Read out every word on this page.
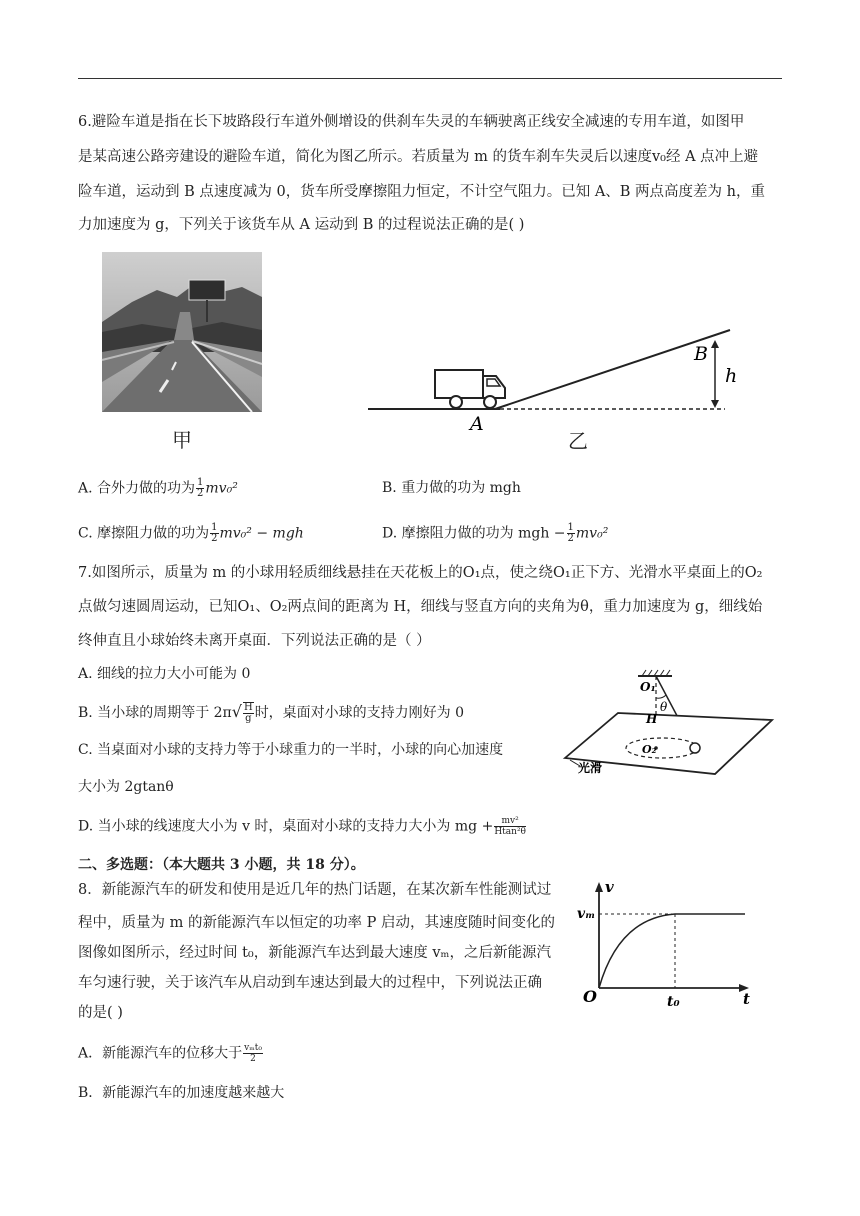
6.避险车道是指在长下坡路段行车道外侧增设的供刹车失灵的车辆驶离正线安全减速的专用车道，如图甲
是某高速公路旁建设的避险车道，简化为图乙所示。若质量为 m 的货车刹车失灵后以速度v₀经 A 点冲上避
险车道，运动到 B 点速度减为 0，货车所受摩擦阻力恒定，不计空气阻力。已知 A、B 两点高度差为 h，重
力加速度为 g，下列关于该货车从 A 运动到 B 的过程说法正确的是( )
甲
B
h
A
乙
A. 合外力做的功为 $\frac{1}{2} mv_0^2$	B. 重力做的功为 mgh
C. 摩擦阻力做的功为 $\frac{1}{2} mv_0^2$ − mgh	D. 摩擦阻力做的功为 mgh − $\frac{1}{2} mv_0^2$
7.如图所示，质量为 m 的小球用轻质细线悬挂在天花板上的O₁点，使之绕O₁正下方、光滑水平桌面上的O₂
点做匀速圆周运动，已知O₁、O₂两点间的距离为 H，细线与竖直方向的夹角为θ，重力加速度为 g，细线始
终伸直且小球始终未离开桌面．下列说法正确的是（ ）
A. 细线的拉力大小可能为 0
B. 当小球的周期等于 $2\pi√ \frac{H}{g}$ 时，桌面对小球的支持力刚好为 0
C. 当桌面对小球的支持力等于小球重力的一半时，小球的向心加速度
大小为 2gtanθ
D. 当小球的线速度大小为 v 时，桌面对小球的支持力大小为 mg + $\frac{\text{mv²}}{\text{Htan²θ}}$
O₁
θ
H
O₂
光滑
二、多选题：（本大题共 3 小题，共 18 分）。
8．新能源汽车的研发和使用是近几年的热门话题，在某次新车性能测试过
程中，质量为 m 的新能源汽车以恒定的功率 P 启动，其速度随时间变化的
图像如图所示，经过时间 t₀，新能源汽车达到最大速度 vₘ，之后新能源汽
车匀速行驶，关于该汽车从启动到车速达到最大的过程中，下列说法正确
的是( )
A．新能源汽车的位移大于 $\frac{\text{vₘt₀}}{2}$
B．新能源汽车的加速度越来越大
v
vₘ
O	t₀	t
